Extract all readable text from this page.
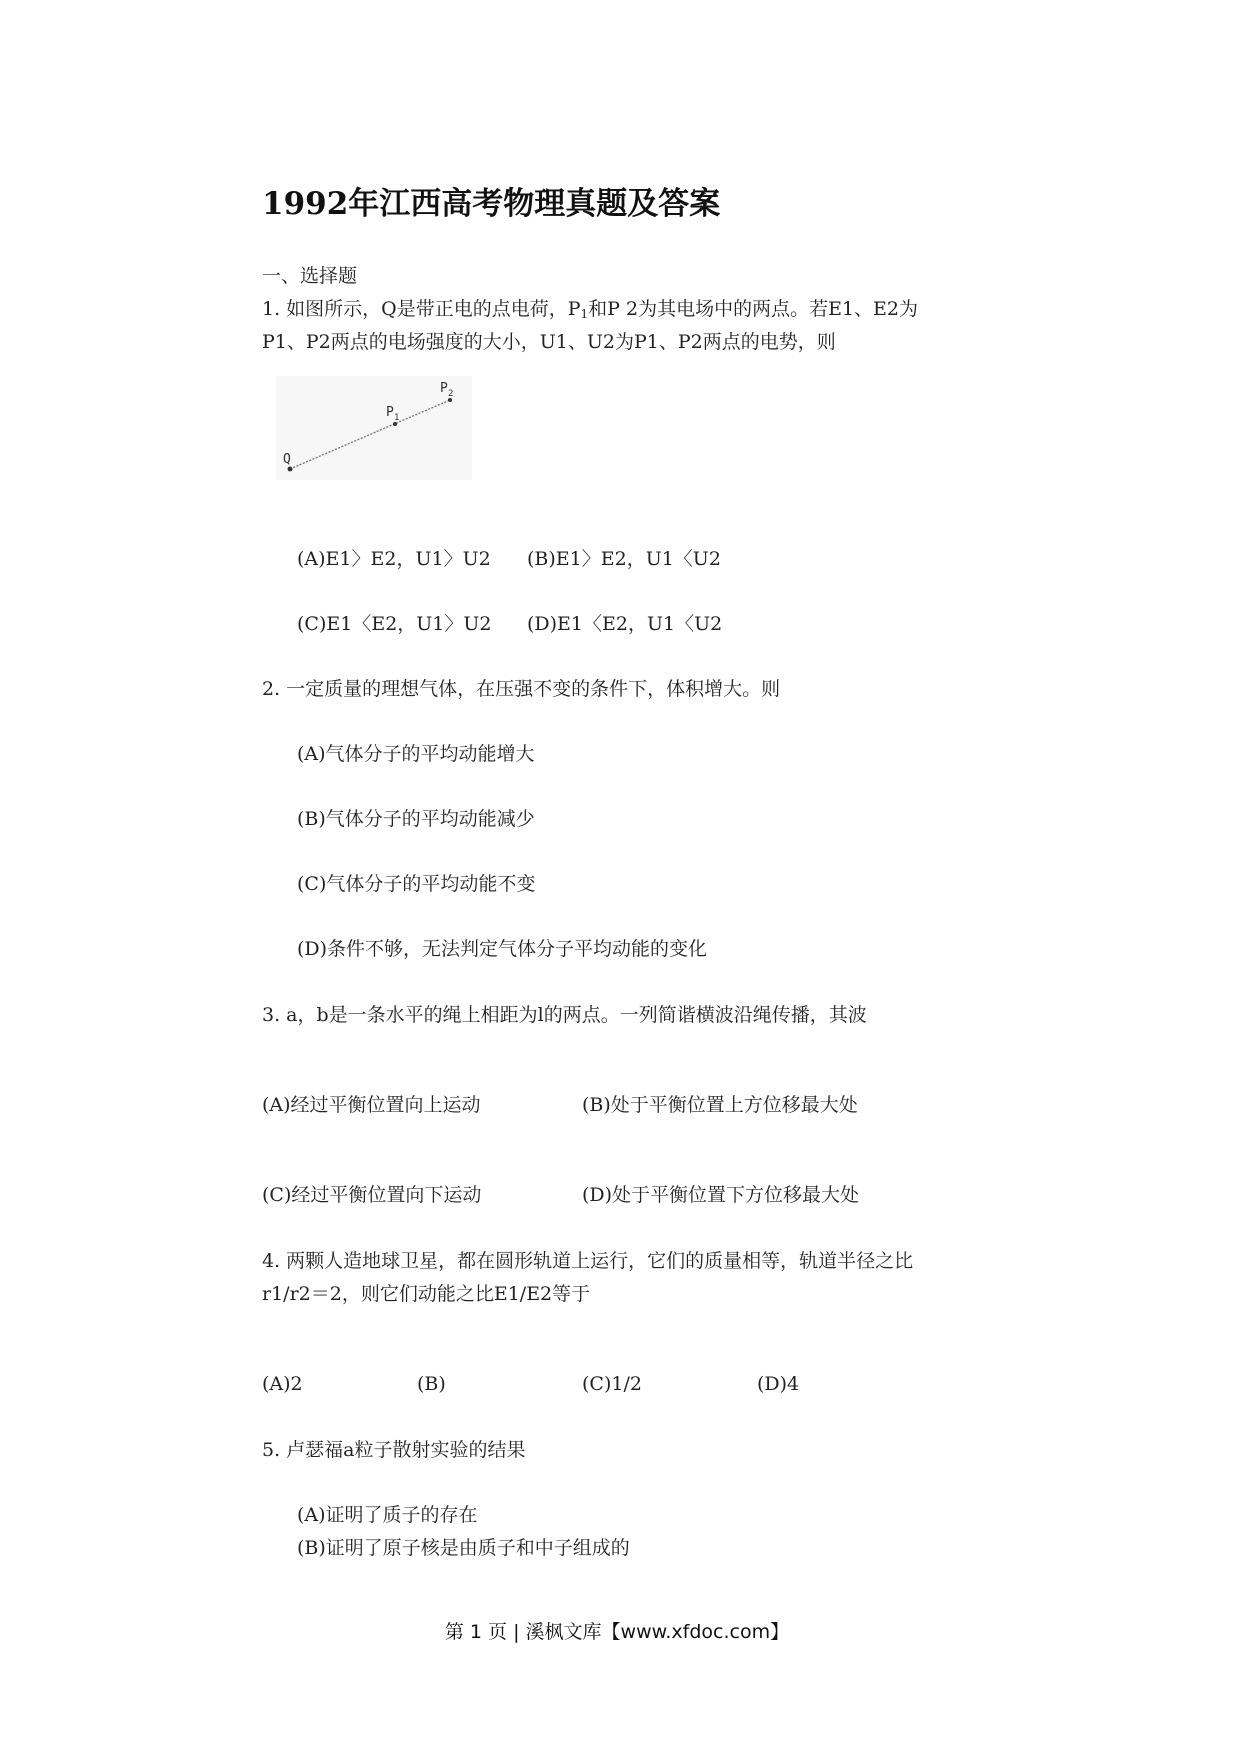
1992年江西高考物理真题及答案
一、选择题
1. 如图所示，Q是带正电的点电荷，$P_1$和P 2为其电场中的两点。若E1、E2为
P1、P2两点的电场强度的大小，U1、U2为P1、P2两点的电势，则
Q
P 1
P 2
(A)E1〉E2，U1〉U2 (B)E1〉E2，U1〈U2
(C)E1〈E2，U1〉U2 (D)E1〈E2，U1〈U2
2. 一定质量的理想气体，在压强不变的条件下，体积增大。则
(A)气体分子的平均动能增大
(B)气体分子的平均动能减少
(C)气体分子的平均动能不变
(D)条件不够，无法判定气体分子平均动能的变化
3. a，b是一条水平的绳上相距为l的两点。一列简谐横波沿绳传播，其波
(A)经过平衡位置向上运动	(B)处于平衡位置上方位移最大处
(C)经过平衡位置向下运动	(D)处于平衡位置下方位移最大处
4. 两颗人造地球卫星，都在圆形轨道上运行，它们的质量相等，轨道半径之比
r1/r2＝2，则它们动能之比E1/E2等于
(A)2	(B)	(C)1/2	(D)4
5. 卢瑟福a粒子散射实验的结果
(A)证明了质子的存在
(B)证明了原子核是由质子和中子组成的
第 1 页 | 溪枫文库【www.xfdoc.com】
